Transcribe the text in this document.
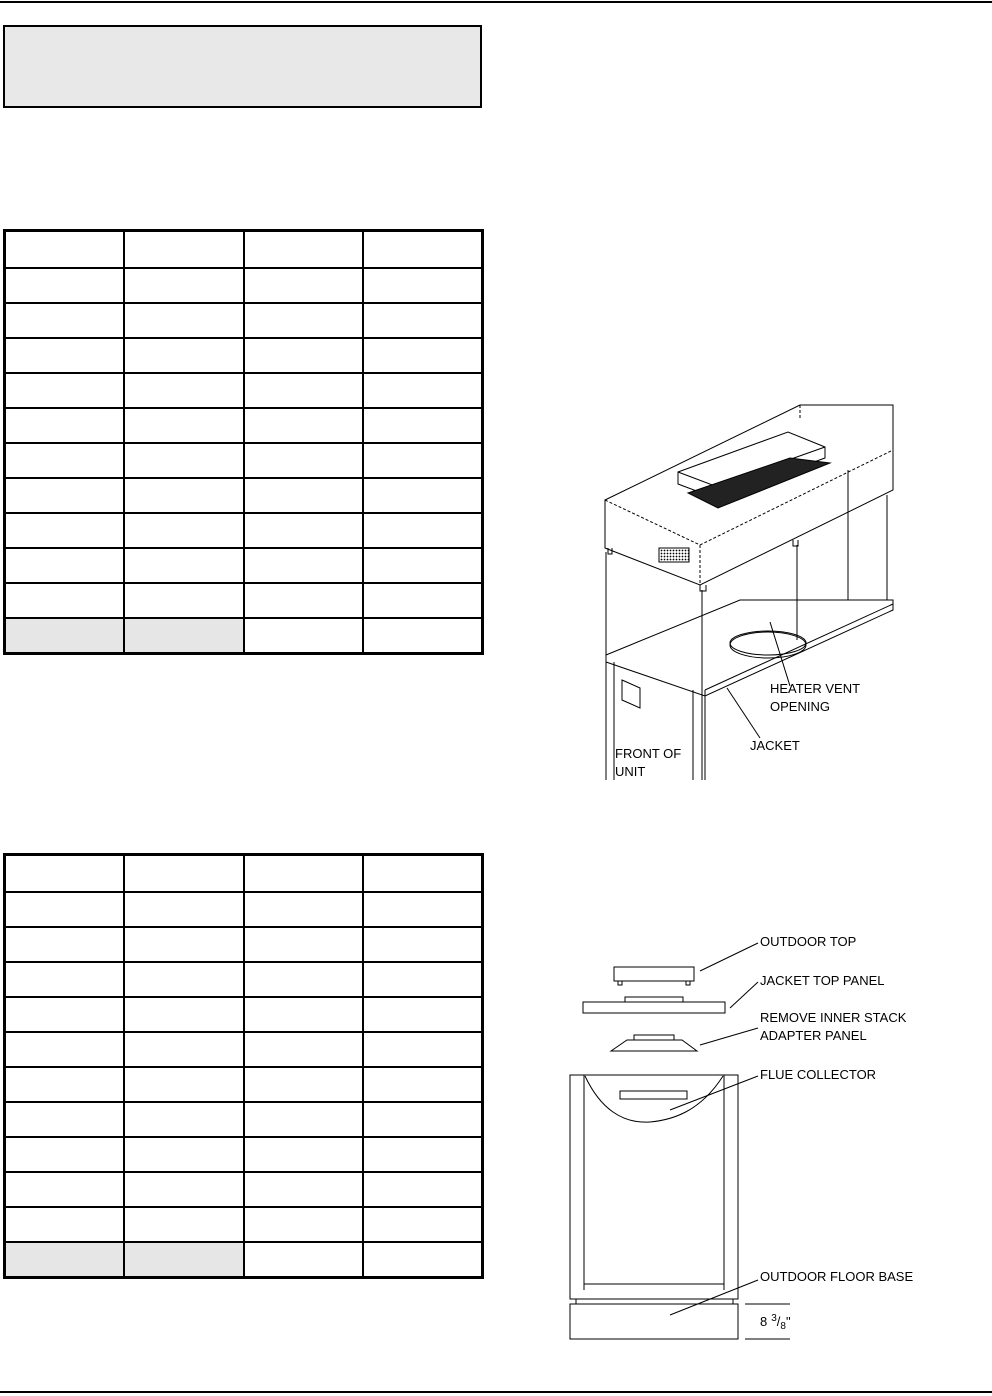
HEATER VENT
OPENING
JACKET
FRONT OF
UNIT
OUTDOOR TOP
JACKET TOP PANEL
REMOVE INNER STACK
ADAPTER PANEL
FLUE COLLECTOR
OUTDOOR FLOOR BASE
8 $^3/_8$"
